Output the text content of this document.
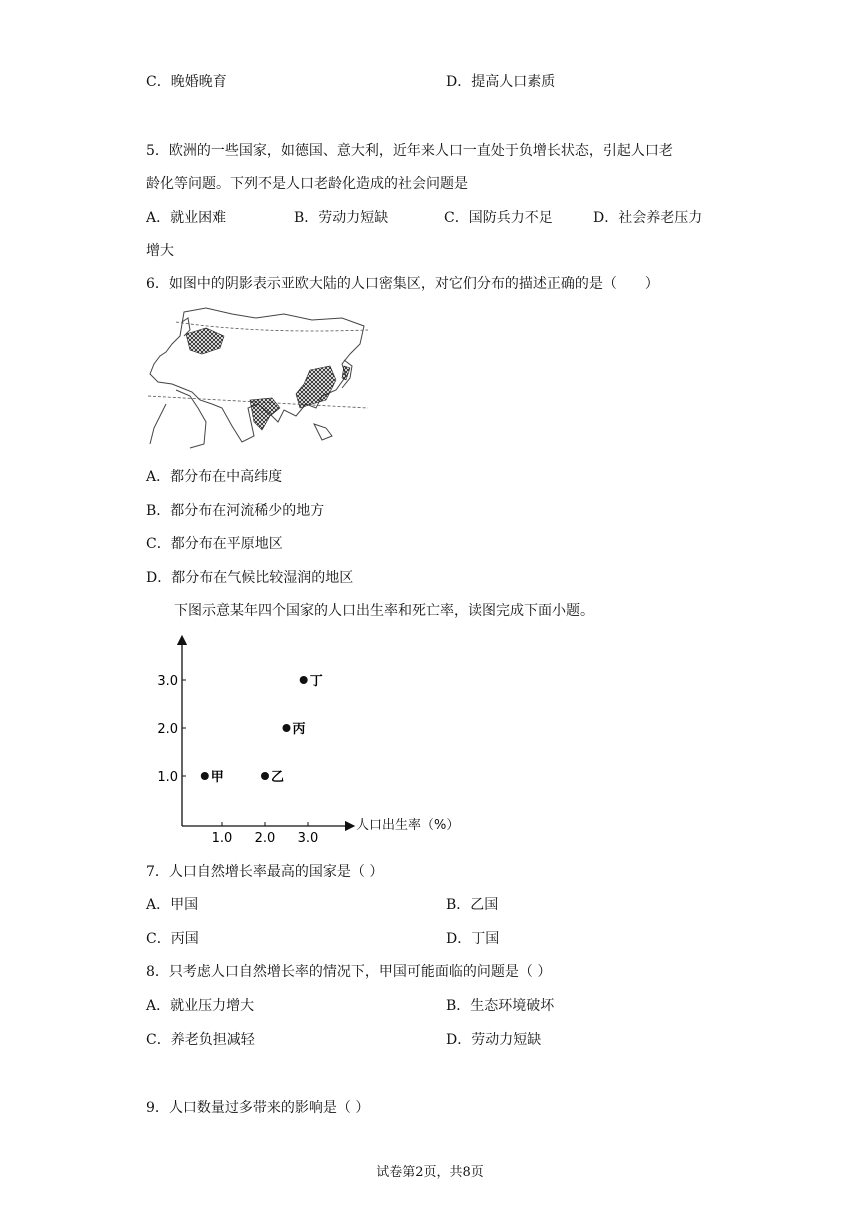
C．晚婚晚育	D．提高人口素质
5．欧洲的一些国家，如德国、意大利，近年来人口一直处于负增长状态，引起人口老
龄化等问题。下列不是人口老龄化造成的社会问题是
A．就业困难	B．劳动力短缺	C．国防兵力不足	D．社会养老压力
增大
6．如图中的阴影表示亚欧大陆的人口密集区，对它们分布的描述正确的是（　　）
A．都分布在中高纬度
B．都分布在河流稀少的地方
C．都分布在平原地区
D．都分布在气候比较湿润的地区
下图示意某年四个国家的人口出生率和死亡率，读图完成下面小题。
1.0 2.0 3.0
1.0
2.0
3.0
甲	乙
丙
丁
人口出生率（%）
7．人口自然增长率最高的国家是（ ）
A．甲国	B．乙国
C．丙国	D．丁国
8．只考虑人口自然增长率的情况下，甲国可能面临的问题是（ ）
A．就业压力增大	B．生态环境破坏
C．养老负担减轻	D．劳动力短缺
9．人口数量过多带来的影响是（ ）
试卷第2页，共8页
